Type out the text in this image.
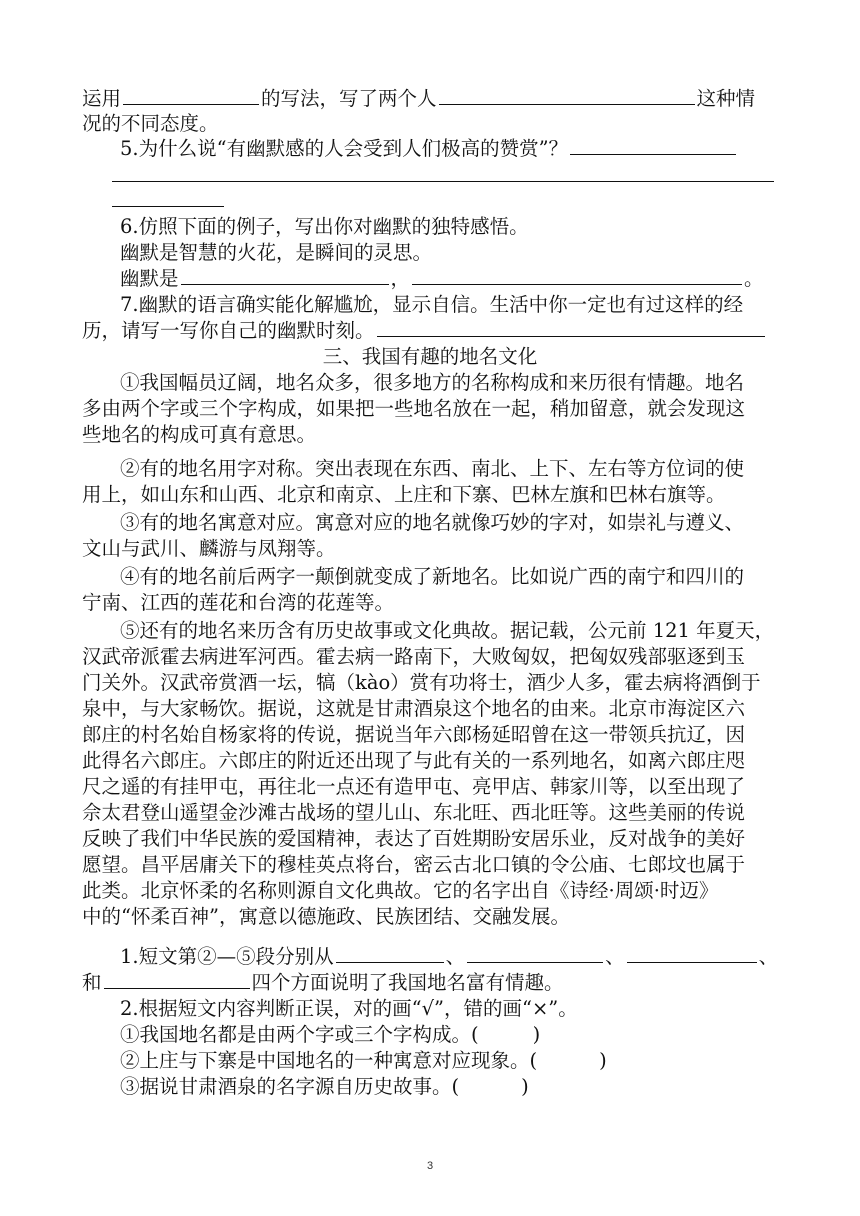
运用	的写法，写了两个人	这种情
况的不同态度。
5.为什么说“有幽默感的人会受到人们极高的赞赏”？
6.仿照下面的例子，写出你对幽默的独特感悟。
幽默是智慧的火花，是瞬间的灵思。
幽默是	，	。
7.幽默的语言确实能化解尴尬，显示自信。生活中你一定也有过这样的经
历，请写一写你自己的幽默时刻。
三、我国有趣的地名文化
①我国幅员辽阔，地名众多，很多地方的名称构成和来历很有情趣。地名
多由两个字或三个字构成，如果把一些地名放在一起，稍加留意，就会发现这
些地名的构成可真有意思。
②有的地名用字对称。突出表现在东西、南北、上下、左右等方位词的使
用上，如山东和山西、北京和南京、上庄和下寨、巴林左旗和巴林右旗等。
③有的地名寓意对应。寓意对应的地名就像巧妙的字对，如崇礼与遵义、
文山与武川、麟游与凤翔等。
④有的地名前后两字一颠倒就变成了新地名。比如说广西的南宁和四川的
宁南、江西的莲花和台湾的花莲等。
⑤还有的地名来历含有历史故事或文化典故。据记载，公元前 121 年夏天，
汉武帝派霍去病进军河西。霍去病一路南下，大败匈奴，把匈奴残部驱逐到玉
门关外。汉武帝赏酒一坛，犒（kào）赏有功将士，酒少人多，霍去病将酒倒于
泉中，与大家畅饮。据说，这就是甘肃酒泉这个地名的由来。北京市海淀区六
郎庄的村名始自杨家将的传说，据说当年六郎杨延昭曾在这一带领兵抗辽，因
此得名六郎庄。六郎庄的附近还出现了与此有关的一系列地名，如离六郎庄咫
尺之遥的有挂甲屯，再往北一点还有造甲屯、亮甲店、韩家川等，以至出现了
佘太君登山遥望金沙滩古战场的望儿山、东北旺、西北旺等。这些美丽的传说
反映了我们中华民族的爱国精神，表达了百姓期盼安居乐业，反对战争的美好
愿望。昌平居庸关下的穆桂英点将台，密云古北口镇的令公庙、七郎坟也属于
此类。北京怀柔的名称则源自文化典故。它的名字出自《诗经·周颂·时迈》
中的“怀柔百神”，寓意以德施政、民族团结、交融发展。
1.短文第②—⑤段分别从	、	、	、
和	四个方面说明了我国地名富有情趣。
2.根据短文内容判断正误，对的画“√”，错的画“×”。
①我国地名都是由两个字或三个字构成。(	)
②上庄与下寨是中国地名的一种寓意对应现象。(	)
③据说甘肃酒泉的名字源自历史故事。(	)
3
